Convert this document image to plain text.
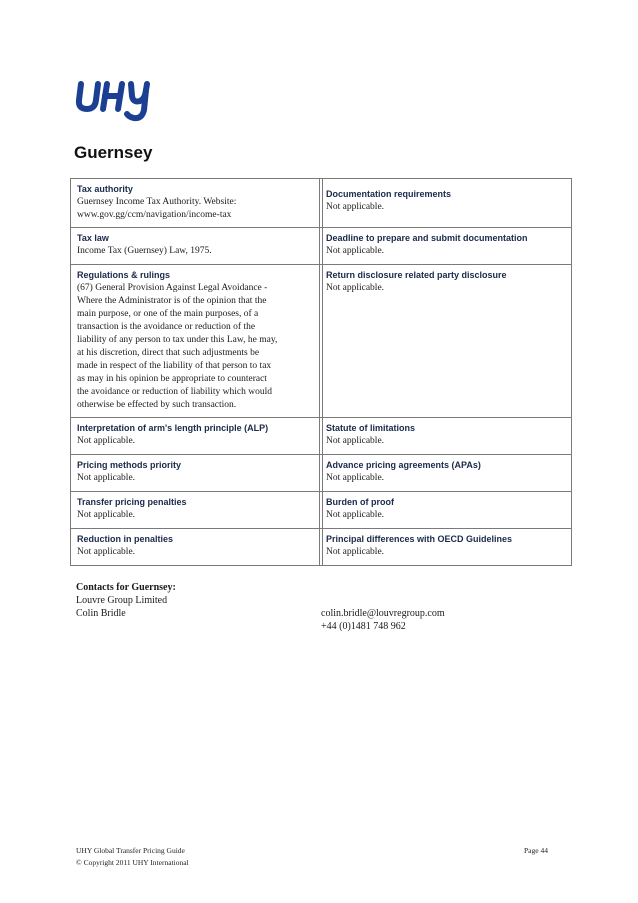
Guernsey
Tax authority
Guernsey Income Tax Authority. Website:
www.gov.gg/ccm/navigation/income-tax
Tax law
Income Tax (Guernsey) Law, 1975.
Regulations & rulings
(67) General Provision Against Legal Avoidance -
Where the Administrator is of the opinion that the
main purpose, or one of the main purposes, of a
transaction is the avoidance or reduction of the
liability of any person to tax under this Law, he may,
at his discretion, direct that such adjustments be
made in respect of the liability of that person to tax
as may in his opinion be appropriate to counteract
the avoidance or reduction of liability which would
otherwise be effected by such transaction.
Interpretation of arm's length principle (ALP)
Not applicable.
Pricing methods priority
Not applicable.
Transfer pricing penalties
Not applicable.
Reduction in penalties
Not applicable.
Documentation requirements
Not applicable.
Deadline to prepare and submit documentation
Not applicable.
Return disclosure related party disclosure
Not applicable.
Statute of limitations
Not applicable.
Advance pricing agreements (APAs)
Not applicable.
Burden of proof
Not applicable.
Principal differences with OECD Guidelines
Not applicable.
Contacts for Guernsey:
Louvre Group Limited
Colin Bridle	colin.bridle@louvregroup.com
+44 (0)1481 748 962
UHY Global Transfer Pricing Guide
© Copyright 2011 UHY International
Page 44
